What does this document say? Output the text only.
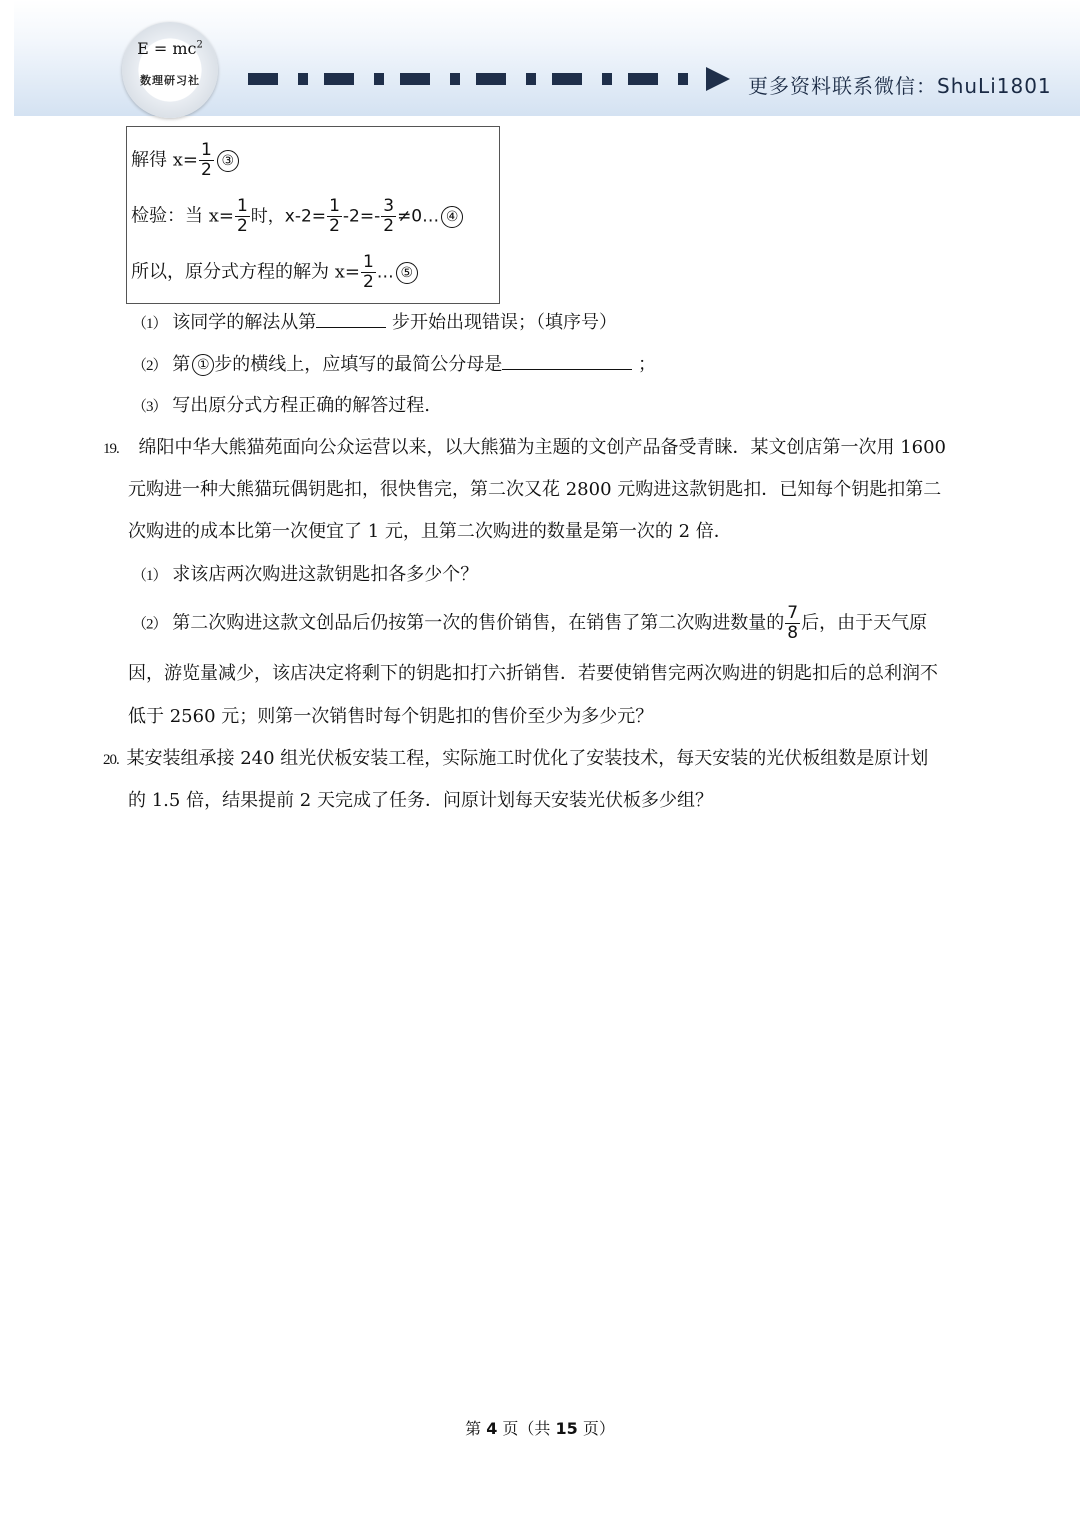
$E = mc^2$
数理研习社	更多资料联系微信：ShuLi1801
解得 $x= \frac{1}{2}$ ③
检验：当 $x= \frac{1}{2}$ 时，$x-2= \frac{1}{2} -2=- \frac{3}{2}$ ≠0… ④
所以，原分式方程的解为 $x= \frac{1}{2}$ … ⑤
（1） 该同学的解法从第	步开始出现错误；（填序号）
（2） 第 ① 步的横线上，应填写的最简公分母是	；
（3） 写出原分式方程正确的解答过程.
19. 绵阳中华大熊猫苑面向公众运营以来，以大熊猫为主题的文创产品备受青睐．某文创店第一次用 1600
元购进一种大熊猫玩偶钥匙扣，很快售完，第二次又花 2800 元购进这款钥匙扣．已知每个钥匙扣第二
次购进的成本比第一次便宜了 1 元，且第二次购进的数量是第一次的 2 倍．
（1） 求该店两次购进这款钥匙扣各多少个？
（2） 第二次购进这款文创品后仍按第一次的售价销售，在销售了第二次购进数量的 $\frac{7}{8}$ 后，由于天气原
因，游览量减少，该店决定将剩下的钥匙扣打六折销售．若要使销售完两次购进的钥匙扣后的总利润不
低于 2560 元；则第一次销售时每个钥匙扣的售价至少为多少元？
20. 某安装组承接 240 组光伏板安装工程，实际施工时优化了安装技术，每天安装的光伏板组数是原计划
的 1.5 倍，结果提前 2 天完成了任务．问原计划每天安装光伏板多少组？
第 4 页（共 15 页）
